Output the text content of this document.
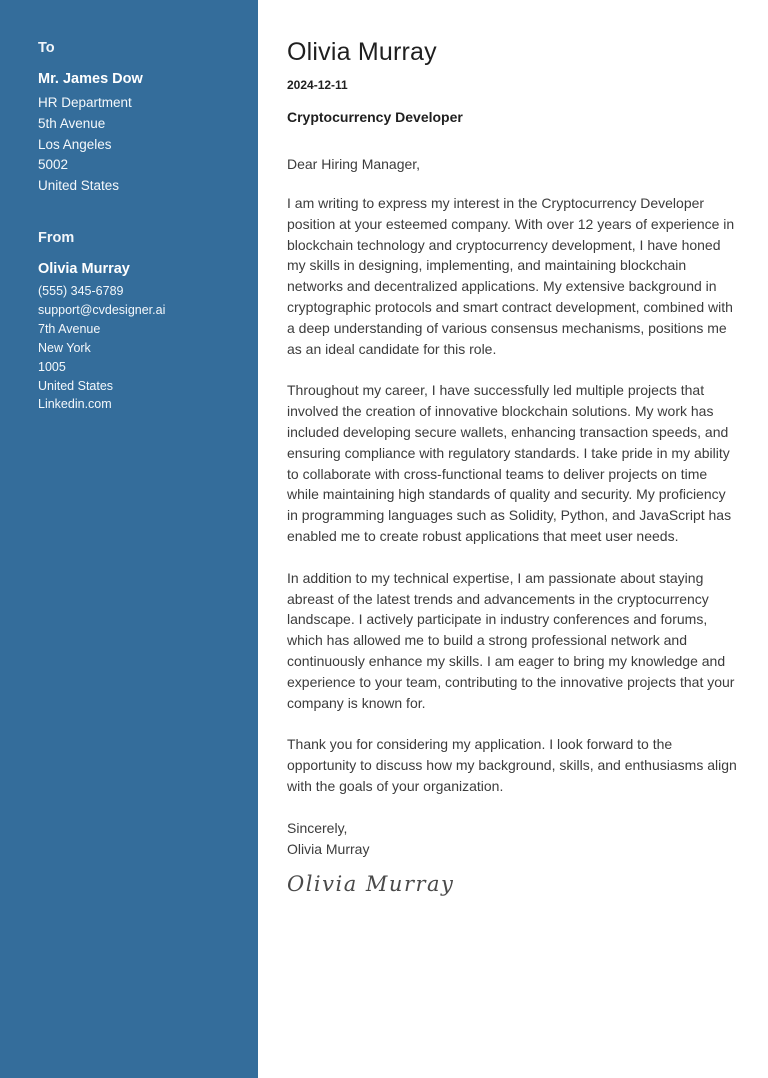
To
Mr. James Dow
HR Department
5th Avenue
Los Angeles
5002
United States
From
Olivia Murray
(555) 345-6789
support@cvdesigner.ai
7th Avenue
New York
1005
United States
Linkedin.com
Olivia Murray
2024-12-11
Cryptocurrency Developer
Dear Hiring Manager,

I am writing to express my interest in the Cryptocurrency Developer position at your esteemed company. With over 12 years of experience in blockchain technology and cryptocurrency development, I have honed my skills in designing, implementing, and maintaining blockchain networks and decentralized applications. My extensive background in cryptographic protocols and smart contract development, combined with a deep understanding of various consensus mechanisms, positions me as an ideal candidate for this role.

Throughout my career, I have successfully led multiple projects that involved the creation of innovative blockchain solutions. My work has included developing secure wallets, enhancing transaction speeds, and ensuring compliance with regulatory standards. I take pride in my ability to collaborate with cross-functional teams to deliver projects on time while maintaining high standards of quality and security. My proficiency in programming languages such as Solidity, Python, and JavaScript has enabled me to create robust applications that meet user needs.

In addition to my technical expertise, I am passionate about staying abreast of the latest trends and advancements in the cryptocurrency landscape. I actively participate in industry conferences and forums, which has allowed me to build a strong professional network and continuously enhance my skills. I am eager to bring my knowledge and experience to your team, contributing to the innovative projects that your company is known for.

Thank you for considering my application. I look forward to the opportunity to discuss how my background, skills, and enthusiasms align with the goals of your organization.

Sincerely,
Olivia Murray
Olivia Murray
